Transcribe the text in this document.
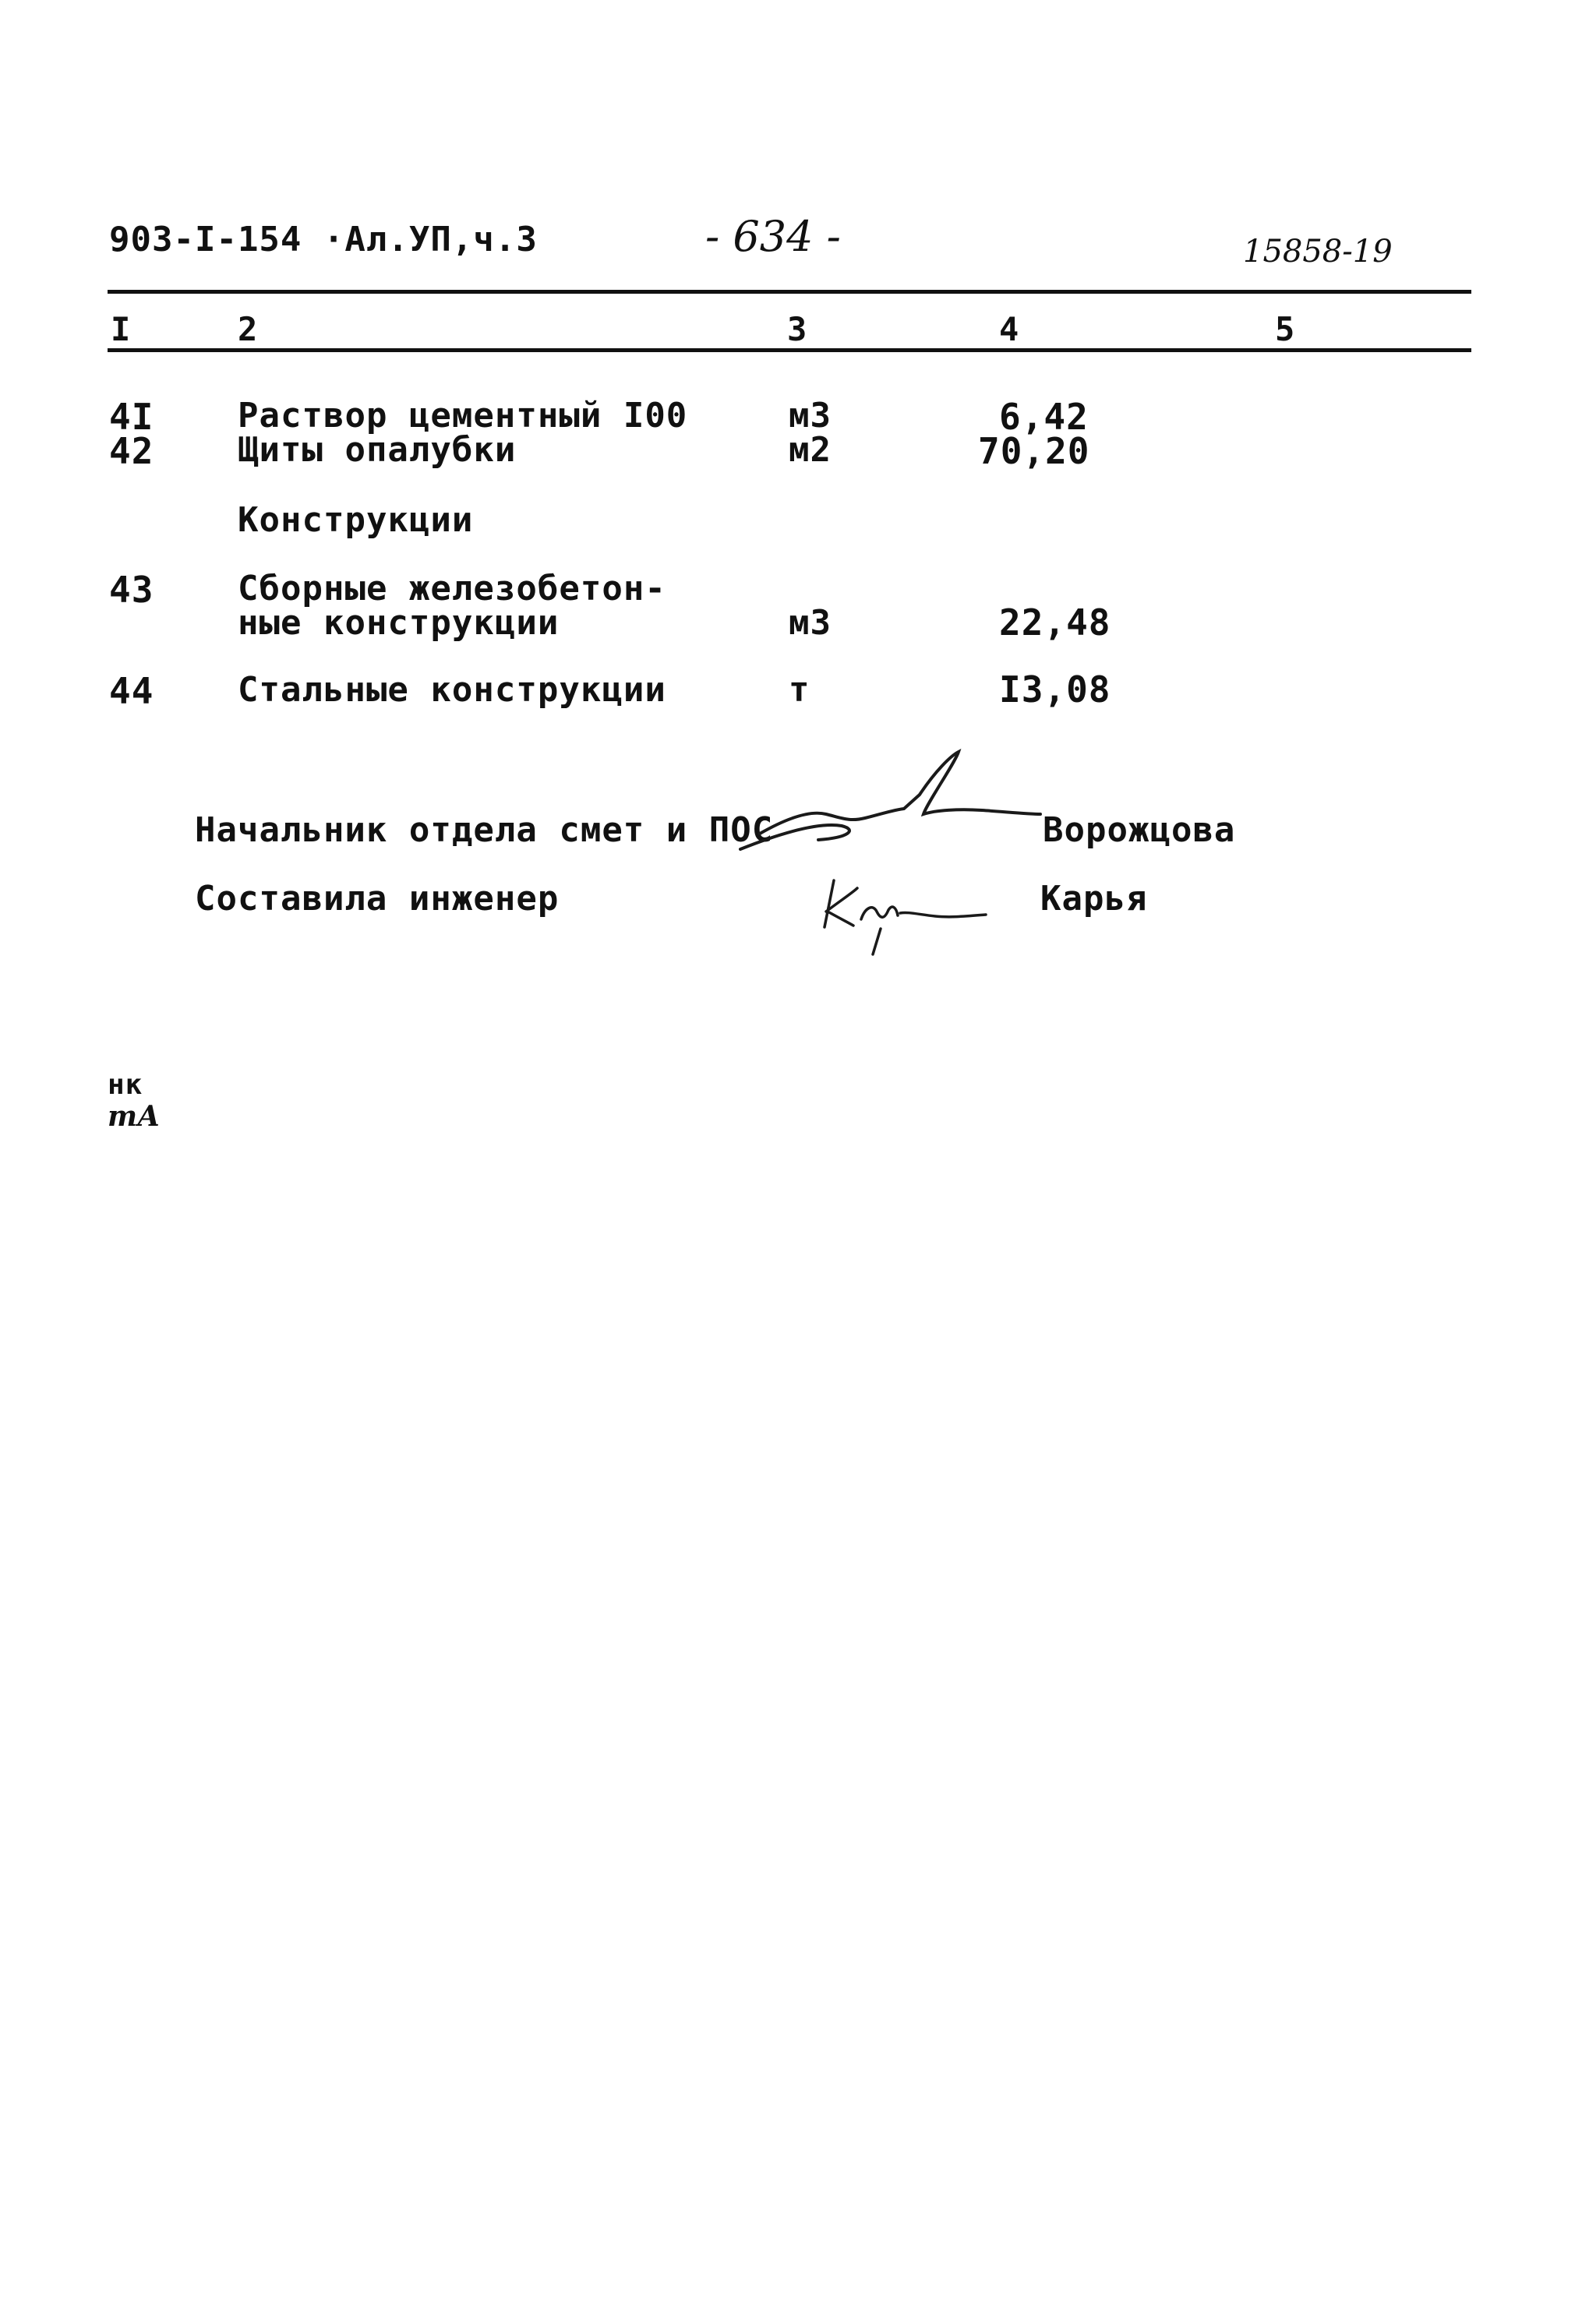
903-I-154 ·Ал.УП,ч.3	- 634 -	15858-19
I	2	3	4	5
4I Раствор цементный I00	м3	6,42
42 Щиты опалубки	м2	70,20
Конструкции
43 Сборные железобетон-
ные конструкции	м3	22,48
44 Стальные конструкции	т	I3,08
Начальник отдела смет и ПОС	Ворожцова
Составила инженер	Карья
нк
тА
